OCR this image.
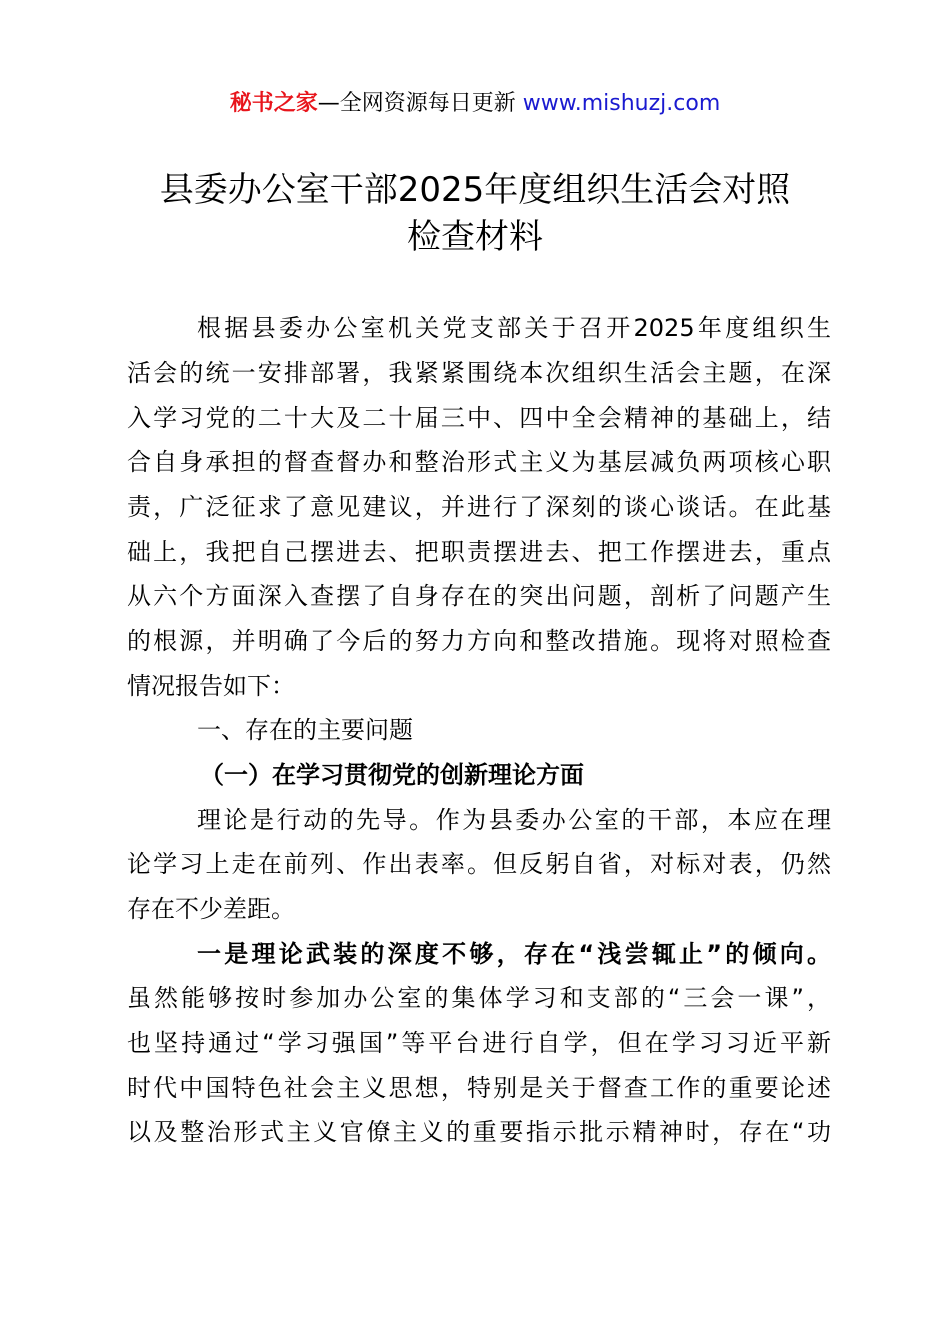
秘书之家—全网资源每日更新 www.mishuzj.com
县委办公室干部2025年度组织生活会对照
检查材料
根据县委办公室机关党支部关于召开2025年度组织生
活会的统一安排部署，我紧紧围绕本次组织生活会主题，在深
入学习党的二十大及二十届三中、四中全会精神的基础上，结
合自身承担的督查督办和整治形式主义为基层减负两项核心职
责，广泛征求了意见建议，并进行了深刻的谈心谈话。在此基
础上，我把自己摆进去、把职责摆进去、把工作摆进去，重点
从六个方面深入查摆了自身存在的突出问题，剖析了问题产生
的根源，并明确了今后的努力方向和整改措施。现将对照检查
情况报告如下：
一、存在的主要问题
（一）在学习贯彻党的创新理论方面
理论是行动的先导。作为县委办公室的干部，本应在理
论学习上走在前列、作出表率。但反躬自省，对标对表，仍然
存在不少差距。
一是理论武装的深度不够，存在“浅尝辄止”的倾向。
虽然能够按时参加办公室的集体学习和支部的“三会一课”，
也坚持通过“学习强国”等平台进行自学，但在学习习近平新
时代中国特色社会主义思想，特别是关于督查工作的重要论述
以及整治形式主义官僚主义的重要指示批示精神时，存在“功
